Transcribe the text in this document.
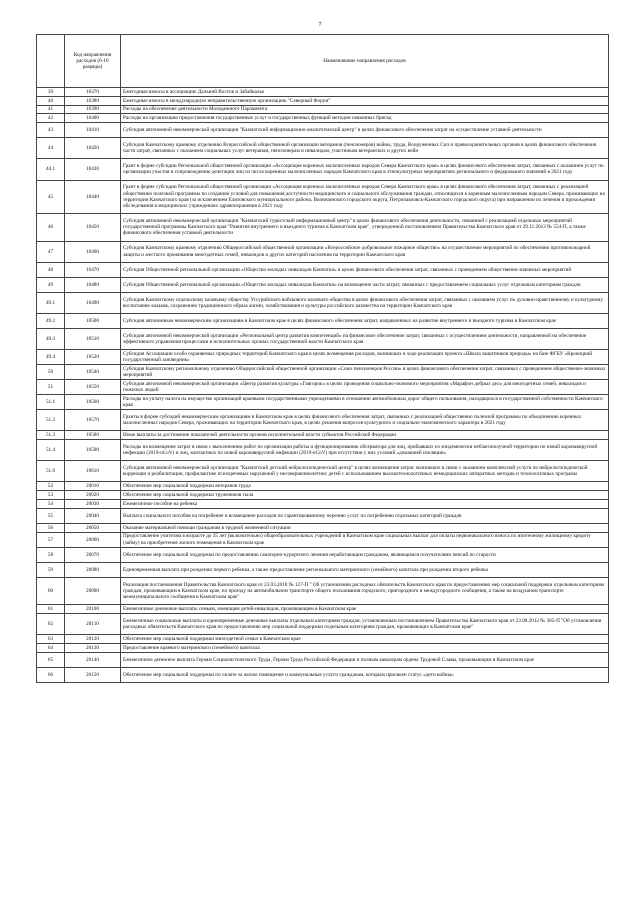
7
	Код направления расходов (6-10 разряды)	Наименование направления расходов
39	10370	Ежегодные взносы в ассоциацию Дальний Восток и Забайкалье
40	10380	Ежегодные взносы в международную неправительственную организацию "Северный Форум"
41	10390	Расходы на обеспечение деятельности Молодежного Парламента
42	10400	Расходы на организацию предоставления государственных услуг и государственных функций методом связанных бригад
43	10410	Субсидия автономной некоммерческой организации "Камчатский информационно-аналитический центр" в целях финансового обеспечения затрат на осуществление уставной деятельности
44	10420	Субсидия Камчатскому краевому отделению Всероссийской общественной организации ветеранов (пенсионеров) войны, труда, Вооруженных Сил и правоохранительных органов в целях финансового обеспечения части затрат, связанных с оказанием социальных услуг ветеранам, пенсионерам и инвалидам, участникам ветеранских и других войн
44.1	10430	Грант в форме субсидии Региональной общественной организации «Ассоциация коренных малочисленных народов Севара Камчатского края» в целях финансового обеспечения затрат, связанных с оказанием услуг по организации участия и сопровождению делегации лиц из числа коренных малочисленных народов Камчатского края в этнокультурных мероприятиях регионального и федерального значений в 2021 году
45	10440	Грант в форме субсидии Региональной общественной организации «Ассоциация коренных малочисленных народов Севера Камчатского края» в целях финансового обеспечения затрат, связанных с реализацией общественно полезной программы по созданию условий для повышения доступности медицинского и социального обслуживания граждан, относящихся к коренным малочисленным народам Севера, проживающих на территории Камчатского края (за исключением Елизовского муниципального района, Вилючинского городского округа, Петропавловск-Камчатского городского округа) при направлении их лечения и прохождения обследования в медицинских учреждениях здравоохранения в 2021 году
46	10450	Субсидия автономной некоммерческой организации "Камчатский туристский информационный центр" в целях финансового обеспечения деятельности, связанной с реализацией отдельных мероприятий государственной программы Камчатского края "Развитие внутреннего и въездного туризма в Камчатском крае", утвержденной постановлением Правительства Камчатского края от 29.11.2013 № 554-П, а также финансового обеспечения уставной деятельности
47	10460	Субсидия Камчатскому краевому отделению Общероссийской общественной организации «Всероссийское добровольное пожарное общество» на осуществление мероприятий по обеспечению противопожарной защиты и жесткого проживания многодетных семей, инвалидов и других категорий населения на территории Камчатского края
48	10470	Субсидия Общественной региональной организации «Общество молодых инвалидов Камчатки» в целях финансового обеспечения затрат, связанных с проведением общественно-значимых мероприятий
49	10480	Субсидия Общественной региональной организации «Общество молодых инвалидов Камчатки» на возмещение части затрат, связанных с предоставлением социальных услуг отдельным категориям граждан
49.1	10490	Субсидия Камчатскому отдельскому казачьему обществу Уссурийского войскового казачьего общества в целях финансового обеспечения затрат, связанных с оказанием услуг по духовно-нравственному и культурному воспитанию казаков, сохранению традиционного образа жизни, хозяйствования и культуры российского казачества на территории Камчатского края
49.2	10500	Субсидия автономным некоммерческим организациям в Камчатском крае в целях финансового обеспечения затрат, направленных на развитие внутреннего и въездного туризма в Камчатском крае
49.3	10510	Субсидия автономной некоммерческой организации «Региональный центр развития компетенций» на финансовое обеспечение затрат, связанных с осуществлением деятельности, направленной на обеспечение эффективного управления процессами в исполнительных органах государственной власти Камчатского края
49.4	10520	Субсидия Ассоциации особо охраняемых природных территорий Камчатского края в целях возмещения расходов, возникших в ходе реализации проекта «Школа защитников природы» на базе ФГБУ «Кроноцкий государственный заповедник»
50	10540	Субсидия Камчатскому региональному отделению Общероссийской общественной организации «Союз пенсионеров России» в целях финансового обеспечения затрат, связанных с проведением общественно-значимых мероприятий
51	10550	Субсидия автономной некоммерческой организации «Центр развития культуры «Гавгорок» в целях проведения социально-значимого мероприятия «Марафон добрых дел» для многодетных семей, инвалидов и пожилых людей
51.1	10560	Расходы на уплату налога на имущество организаций краевыми государственными учреждениями в отношении автомобильных дорог общего пользования, находящихся в государственной собственности Камчатского края
51.2	10570	Гранты в форме субсидий некоммерческим организациям в Камчатском крае в целях финансового обеспечения затрат, связанных с реализацией общественно полезной программы по объединению коренных малочисленных народов Севера, проживающих на территории Камчатского края, в целях решения вопросов культурного и социально-экономического характера в 2021 году
51.3	10580	Иные выплаты за достижение показателей деятельности органов исполнительной власти субъектов Российской Федерации
51.4	10590	Расходы на возмещение затрат в связи с выполнением работ по организации работы и функционированию обсерватора для лиц, прибывших из эпидемически неблагополучной территории по новой коронавирусной инфекции (2019-nCoV) и лиц, контактных по новой коронавирусной инфекции (2019-nCoV) при отсутствии у них условий «домашней изоляции»
51.6	10610	Субсидия автономной некоммерческой организации "Камчатский детский нейрологопедический центр" в целях возмещения затрат, возникших в связи с оказанием комплексной услуги по нейрологопедической коррекции и реабилитации, профилактике психоречевых нарушений у несовершеннолетних детей с использованием высокотехнологичных немедицинских аппаратных методик и технологичных программ
52	20010	Обеспечение мер социальной поддержки ветеранов труда
53	20020	Обеспечение мер социальной поддержки тружеников тыла
54	20030	Ежемесячное пособие на ребенка
55	20040	Выплата социального пособия на погребение и возмещение расходов по гарантированному перечню услуг по погребению отдельных категорий граждан
56	20050	Оказание материальной помощи гражданам в трудной жизненной ситуации
57	20060	Предоставление учителям в возрасте до 35 лет (включительно) общеобразовательных учреждений в Камчатском крае социальных выплат для оплаты первоначального взноса по ипотечному жилищному кредиту (займу) на приобретение жилого помещения в Камчатском крае
58	20070	Обеспечение мер социальной поддержки по предоставлению санаторно-курортного лечения неработающим гражданам, являющимся получателями пенсий по старости
59	20080	Единовременная выплата при рождении первого ребенка, а также предоставление регионального материнского (семейного) капитала при рождении второго ребенка
60	20090	Реализация постановления Правительства Камчатского края от 23.03.2010 № 127-П " Об установлении расходных обязательств Камчатского края по предоставлению мер социальной поддержки отдельным категориям граждан, проживающим в Камчатском крае, по проезду на автомобильном транспорте общего пользования городского, пригородного и междугородного сообщения, а также на воздушном транспорте межмуниципального сообщения в Камчатском крае"
61	20100	Ежемесячные денежные выплаты семьям, имеющим детей-инвалидов, проживающим в Камчатском крае
62	20110	Ежемесячные социальные выплаты и единовременные денежные выплаты отдельным категориям граждан, установленным постановлением Правительства Камчатского края от 23.08.2012 № 385-П "Об установлении расходных обязательств Камчатского края по предоставлению мер социальной поддержки отдельным категориям граждан, проживающих в Камчатском крае"
63	20120	Обеспечение мер социальной поддержки многодетной семьи в Камчатском крае
64	20130	Предоставление краевого материнского (семейного) капитала
65	20140	Ежемесячное денежное выплата Героям Социалистического Труда, Героям Труда Российской Федерации и полным кавалерам ордена Трудовой Славы, проживающим в Камчатском крае
66	20150	Обеспечение мер социальной поддержки по оплате за жилое помещение и коммунальные услуги гражданам, которым присвоен статус «дети войны»
